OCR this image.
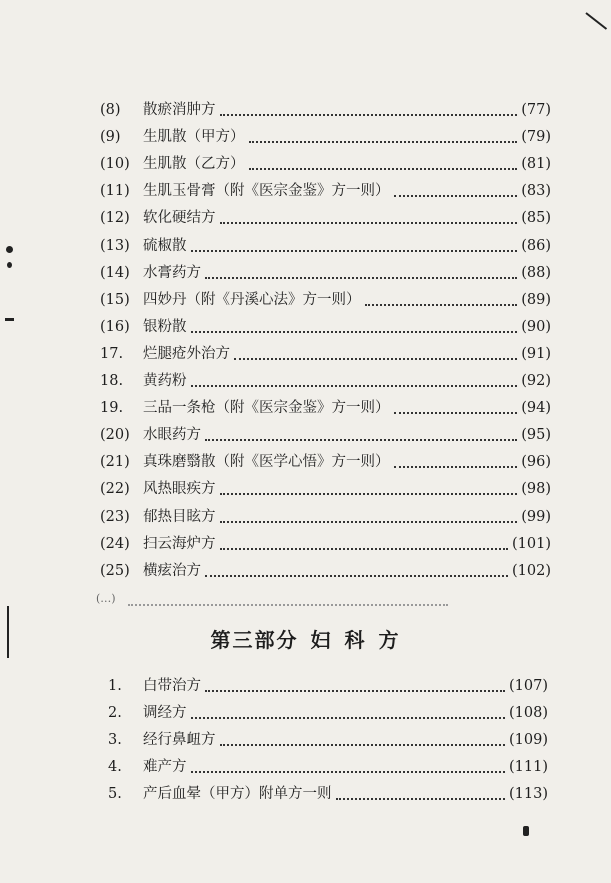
(8) 散瘀消肿方	(77)
(9) 生肌散（甲方）	(79)
(10) 生肌散（乙方）	(81)
(11) 生肌玉骨膏（附《医宗金鉴》方一则）	(83)
(12) 软化硬结方	(85)
(13) 硫椒散	(86)
(14) 水膏药方	(88)
(15) 四妙丹（附《丹溪心法》方一则）	(89)
(16) 银粉散	(90)
17. 烂腿疮外治方	(91)
18. 黄药粉	(92)
19. 三品一条枪（附《医宗金鉴》方一则）	(94)
(20) 水眼药方	(95)
(21) 真珠磨翳散（附《医学心悟》方一则）	(96)
(22) 风热眼疾方	(98)
(23) 郁热目眩方	(99)
(24) 扫云海炉方	(101)
(25) 横痃治方	(102)
(…)
第三部分 妇 科 方
1. 白带治方	(107)
2. 调经方	(108)
3. 经行鼻衄方	(109)
4. 难产方	(111)
5. 产后血晕（甲方）附单方一则	(113)
